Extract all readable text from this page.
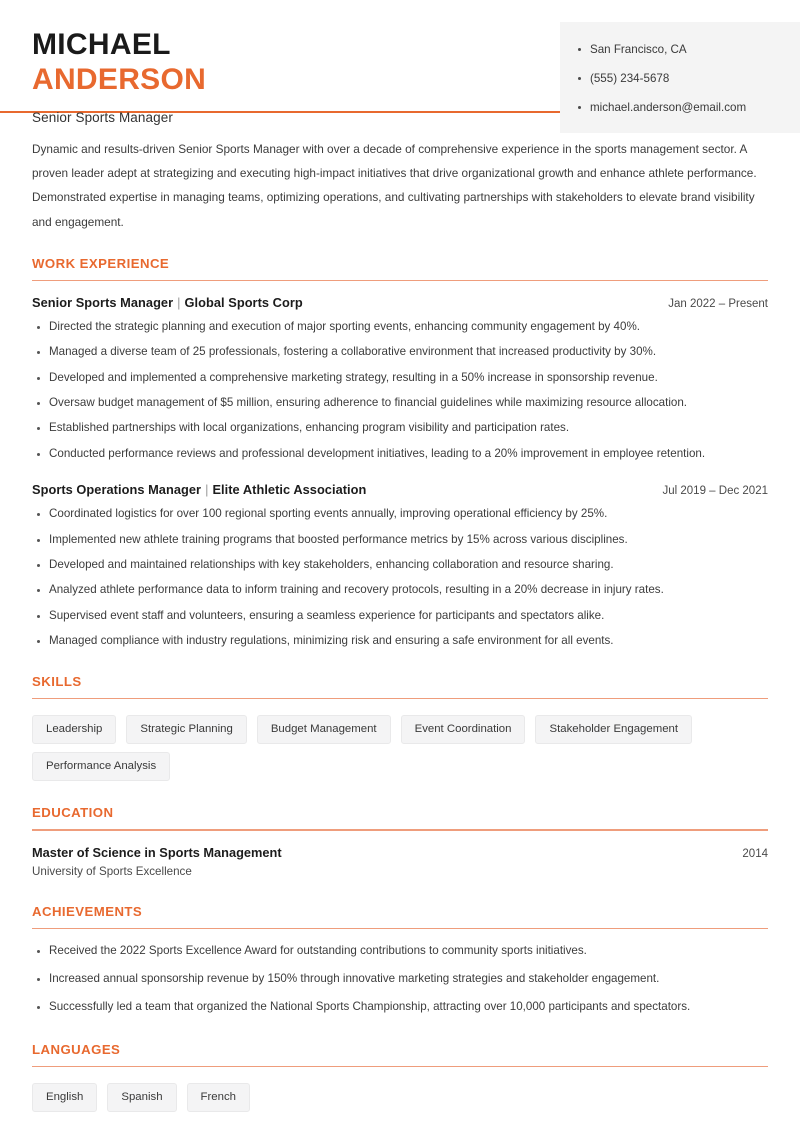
MICHAEL
ANDERSON
Senior Sports Manager
San Francisco, CA
(555) 234-5678
michael.anderson@email.com

Dynamic and results-driven Senior Sports Manager with over a decade of comprehensive experience in the sports management sector. A proven leader adept at strategizing and executing high-impact initiatives that drive organizational growth and enhance athlete performance. Demonstrated expertise in managing teams, optimizing operations, and cultivating partnerships with stakeholders to elevate brand visibility and engagement.

WORK EXPERIENCE
Senior Sports Manager | Global Sports Corp	Jan 2022 – Present
Directed the strategic planning and execution of major sporting events, enhancing community engagement by 40%.
Managed a diverse team of 25 professionals, fostering a collaborative environment that increased productivity by 30%.
Developed and implemented a comprehensive marketing strategy, resulting in a 50% increase in sponsorship revenue.
Oversaw budget management of $5 million, ensuring adherence to financial guidelines while maximizing resource allocation.
Established partnerships with local organizations, enhancing program visibility and participation rates.
Conducted performance reviews and professional development initiatives, leading to a 20% improvement in employee retention.
Sports Operations Manager | Elite Athletic Association	Jul 2019 – Dec 2021
Coordinated logistics for over 100 regional sporting events annually, improving operational efficiency by 25%.
Implemented new athlete training programs that boosted performance metrics by 15% across various disciplines.
Developed and maintained relationships with key stakeholders, enhancing collaboration and resource sharing.
Analyzed athlete performance data to inform training and recovery protocols, resulting in a 20% decrease in injury rates.
Supervised event staff and volunteers, ensuring a seamless experience for participants and spectators alike.
Managed compliance with industry regulations, minimizing risk and ensuring a safe environment for all events.
SKILLS
Leadership	Strategic Planning	Budget Management	Event Coordination	Stakeholder Engagement
Performance Analysis
EDUCATION
Master of Science in Sports Management	2014
University of Sports Excellence
ACHIEVEMENTS
Received the 2022 Sports Excellence Award for outstanding contributions to community sports initiatives.
Increased annual sponsorship revenue by 150% through innovative marketing strategies and stakeholder engagement.
Successfully led a team that organized the National Sports Championship, attracting over 10,000 participants and spectators.
LANGUAGES
English	Spanish	French
